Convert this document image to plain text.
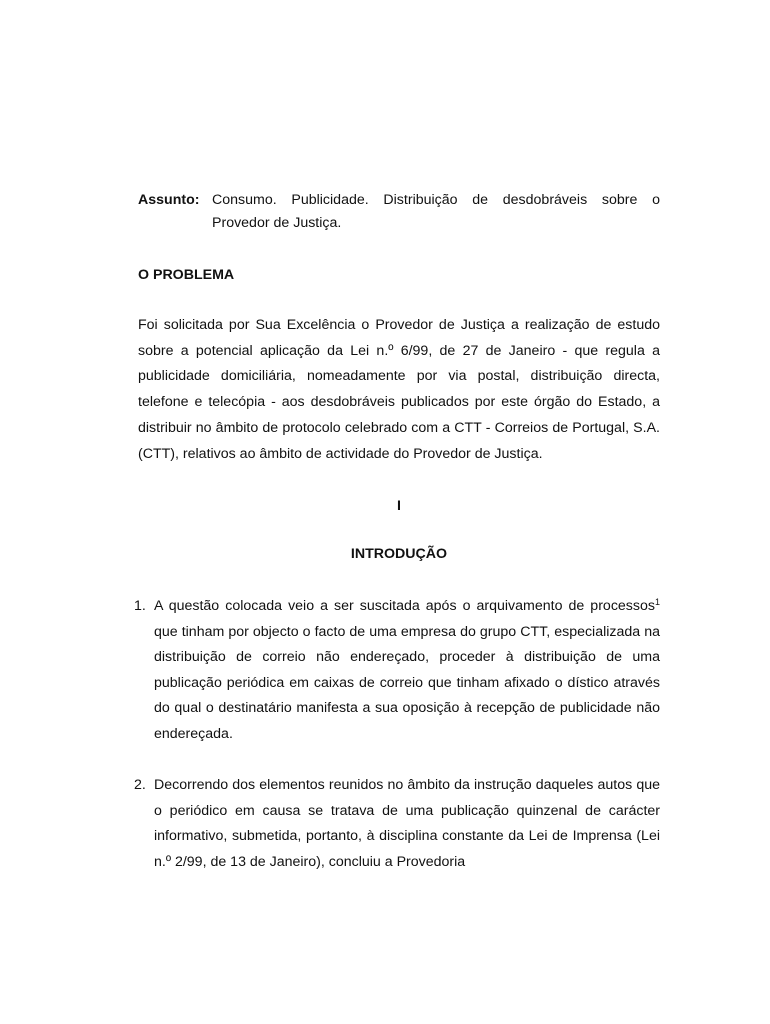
Assunto: Consumo. Publicidade. Distribuição de desdobráveis sobre o
Provedor de Justiça.
O PROBLEMA

Foi solicitada por Sua Excelência o Provedor de Justiça a realização de estudo sobre a potencial aplicação da Lei n.º 6/99, de 27 de Janeiro - que regula a publicidade domiciliária, nomeadamente por via postal, distribuição directa, telefone e telecópia - aos desdobráveis publicados por este órgão do Estado, a distribuir no âmbito de protocolo celebrado com a CTT - Correios de Portugal, S.A. (CTT), relativos ao âmbito de actividade do Provedor de Justiça.

I
INTRODUÇÃO
1. A questão colocada veio a ser suscitada após o arquivamento de processos$^1$ que tinham por objecto o facto de uma empresa do grupo CTT, especializada na distribuição de correio não endereçado, proceder à distribuição de uma publicação periódica em caixas de correio que tinham afixado o dístico através do qual o destinatário manifesta a sua oposição à recepção de publicidade não endereçada.
2. Decorrendo dos elementos reunidos no âmbito da instrução daqueles autos que o periódico em causa se tratava de uma publicação quinzenal de carácter informativo, submetida, portanto, à disciplina constante da Lei de Imprensa (Lei n.º 2/99, de 13 de Janeiro), concluiu a Provedoria
